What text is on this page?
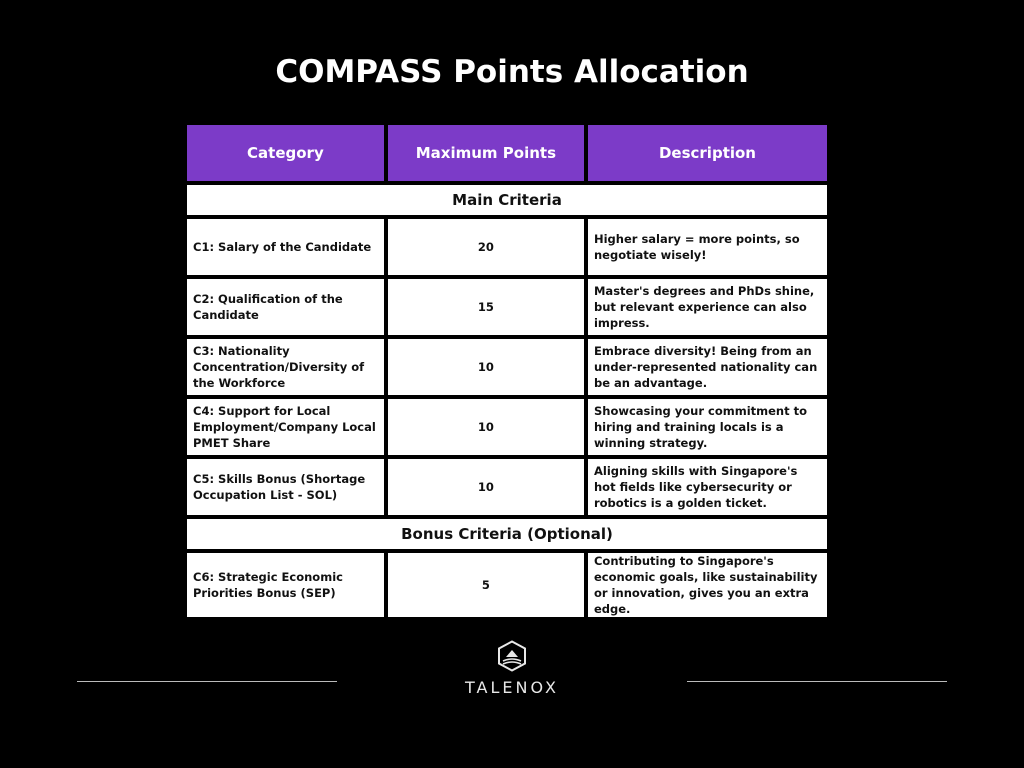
COMPASS Points Allocation
Category	Maximum Points	Description
Main Criteria		
C1: Salary of the Candidate	20	Higher salary = more points, so negotiate wisely!
C2: Qualification of the Candidate	15	Master's degrees and PhDs shine, but relevant experience can also impress.
C3: Nationality Concentration/Diversity of the Workforce	10	Embrace diversity! Being from an under-represented nationality can be an advantage.
C4: Support for Local Employment/Company Local PMET Share	10	Showcasing your commitment to hiring and training locals is a winning strategy.
C5: Skills Bonus (Shortage Occupation List - SOL)	10	Aligning skills with Singapore's hot fields like cybersecurity or robotics is a golden ticket.
Bonus Criteria (Optional)		
C6: Strategic Economic Priorities Bonus (SEP)	5	Contributing to Singapore's economic goals, like sustainability or innovation, gives you an extra edge.
TALENOX
